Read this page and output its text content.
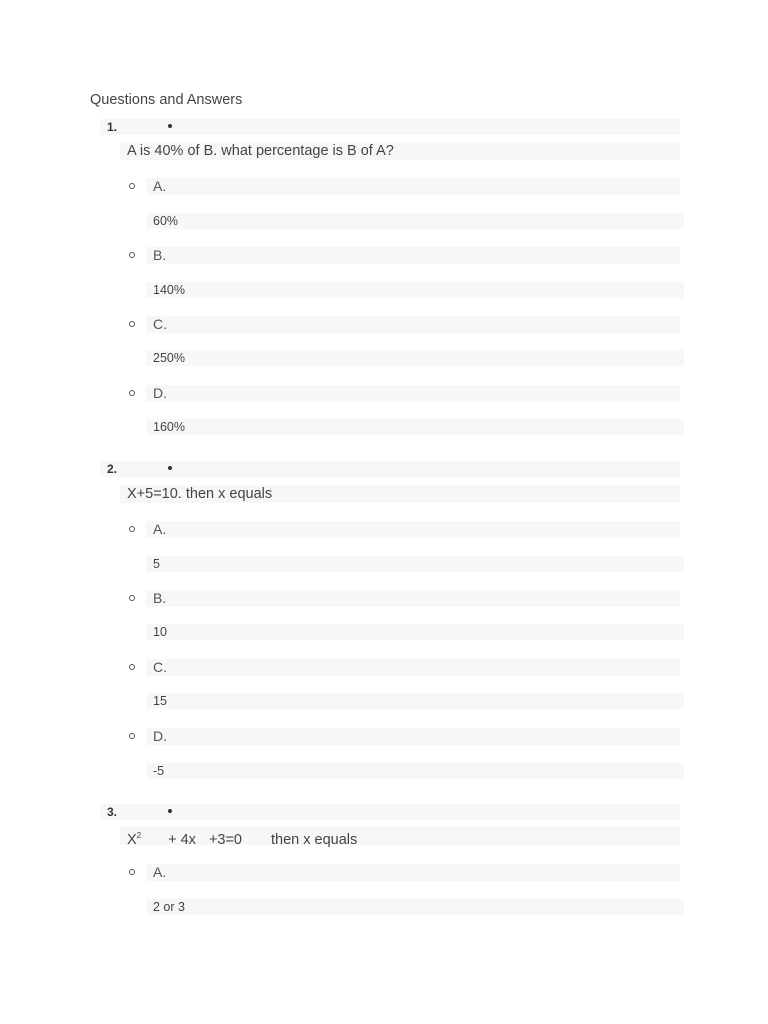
Questions and Answers
1.
A is 40% of B. what percentage is B of A?
A.
60%
B.
140%
C.
250%
D.
160%
2.
X+5=10. then x equals
A.
5
B.
10
C.
15
D.
-5
3.
$X^2 + 4x +3=0$ then x equals
A.
2 or 3
